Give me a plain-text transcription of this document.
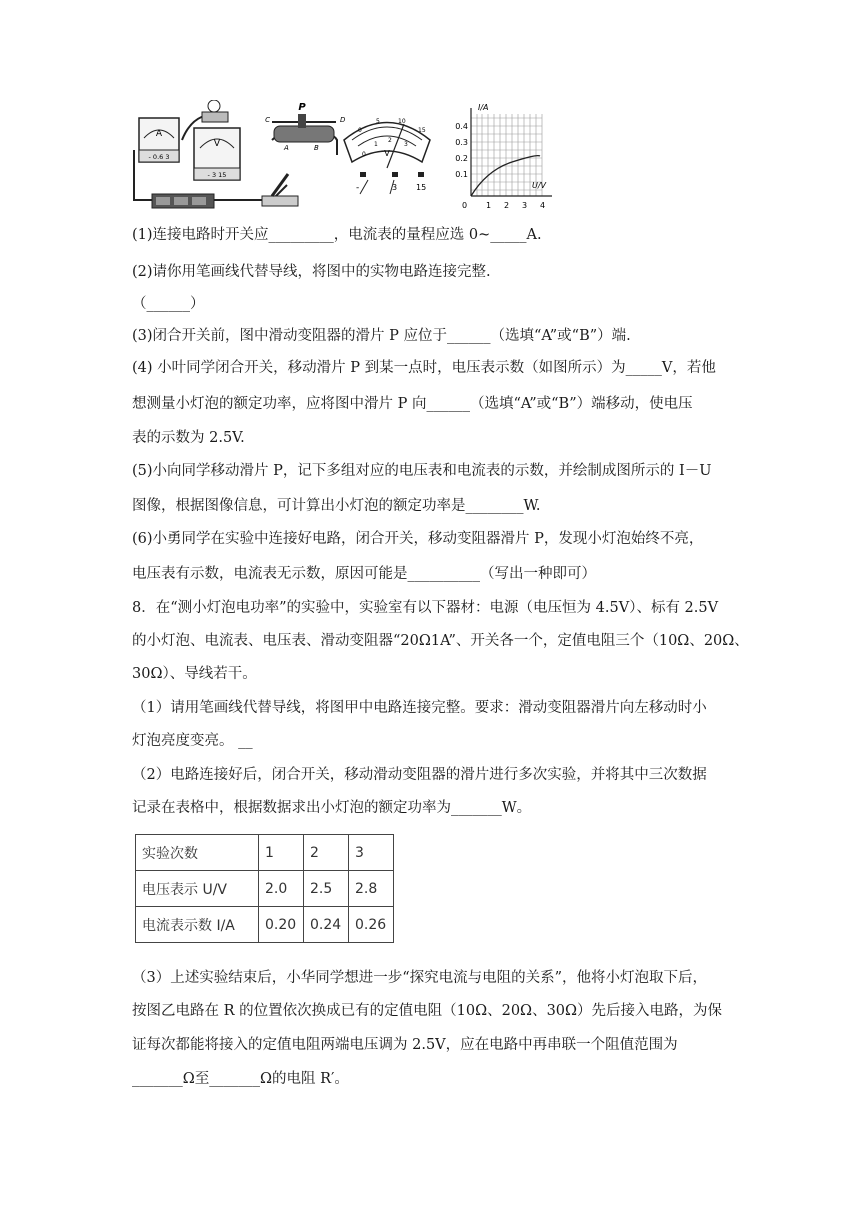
A
- 0.6 3
V
- 3 15
P
C	D
A	B
0
5	10
15
0
1
2
3
V
-	3 15
I/A
U/V
0.4
0.3
0.2
0.1
0 1 2 3 4
(1)连接电路时开关应_________，电流表的量程应选 0~_____A.
(2)请你用笔画线代替导线，将图中的实物电路连接完整.
（______）
(3)闭合开关前，图中滑动变阻器的滑片 P 应位于______（选填“A”或“B”）端.
(4) 小叶同学闭合开关，移动滑片 P 到某一点时，电压表示数（如图所示）为_____V，若他
想测量小灯泡的额定功率，应将图中滑片 P 向______（选填“A”或“B”）端移动，使电压
表的示数为 2.5V.
(5)小向同学移动滑片 P，记下多组对应的电压表和电流表的示数，并绘制成图所示的 I－U
图像，根据图像信息，可计算出小灯泡的额定功率是________W.
(6)小勇同学在实验中连接好电路，闭合开关，移动变阻器滑片 P，发现小灯泡始终不亮，
电压表有示数，电流表无示数，原因可能是__________（写出一种即可）
8．在“测小灯泡电功率”的实验中，实验室有以下器材：电源（电压恒为 4.5V）、标有 2.5V
的小灯泡、电流表、电压表、滑动变阻器“20Ω1A”、开关各一个，定值电阻三个（10Ω、20Ω、
30Ω）、导线若干。
（1）请用笔画线代替导线，将图甲中电路连接完整。要求：滑动变阻器滑片向左移动时小
灯泡亮度变亮。 __
（2）电路连接好后，闭合开关，移动滑动变阻器的滑片进行多次实验，并将其中三次数据
记录在表格中，根据数据求出小灯泡的额定功率为_______W。
实验次数	1	2	3
电压表示 U/V	2.0	2.5	2.8
电流表示数 I/A	0.20	0.24	0.26
（3）上述实验结束后，小华同学想进一步“探究电流与电阻的关系”，他将小灯泡取下后，
按图乙电路在 R 的位置依次换成已有的定值电阻（10Ω、20Ω、30Ω）先后接入电路，为保
证每次都能将接入的定值电阻两端电压调为 2.5V，应在电路中再串联一个阻值范围为
_______Ω至_______Ω的电阻 R′。
